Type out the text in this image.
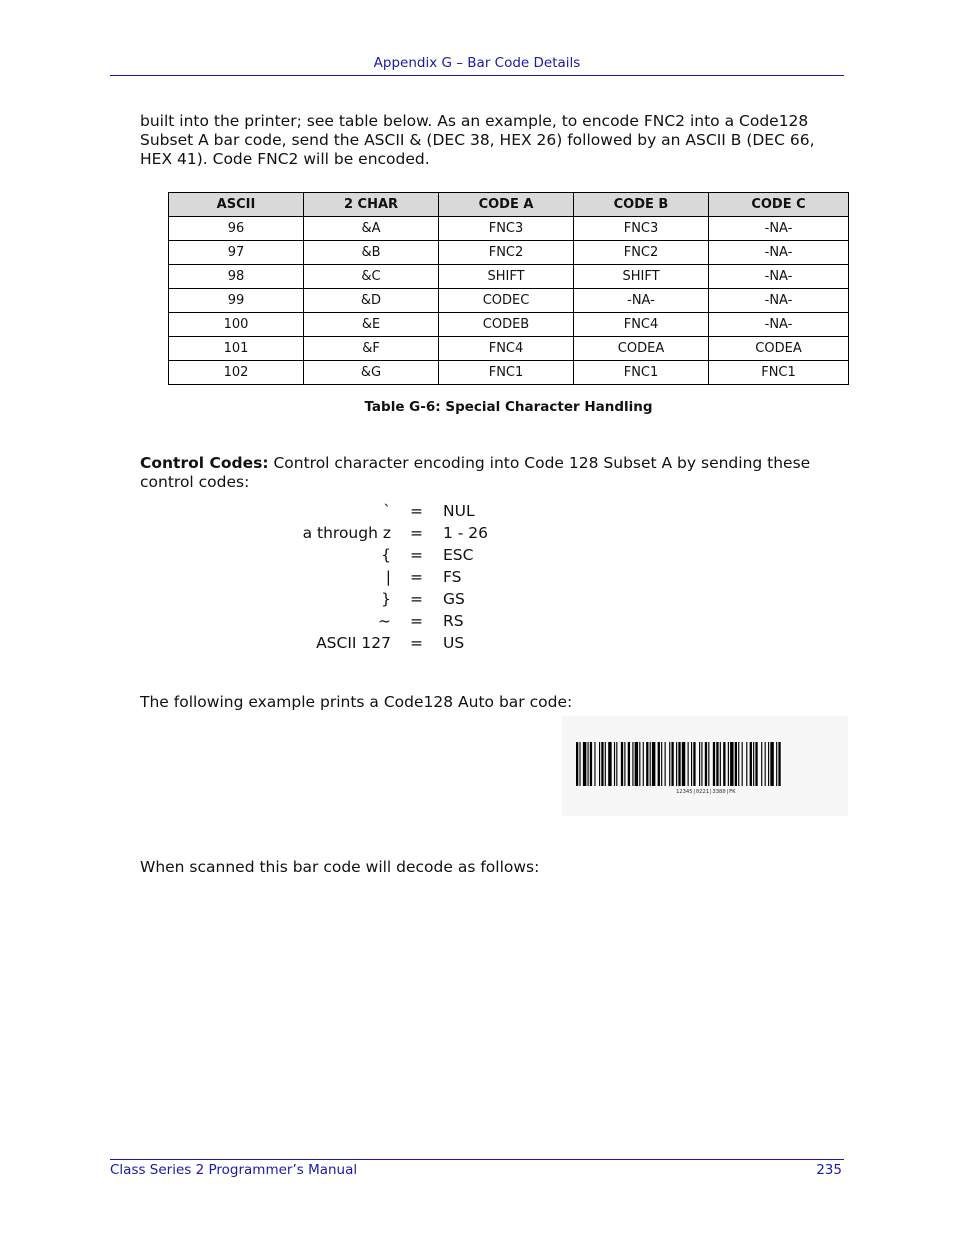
Appendix G – Bar Code Details

built into the printer; see table below. As an example, to encode FNC2 into a Code128 Subset A bar code, send the ASCII & (DEC 38, HEX 26) followed by an ASCII B (DEC 66, HEX 41). Code FNC2 will be encoded.

ASCII	2 CHAR	CODE A	CODE B	CODE C
96	&A	FNC3	FNC3	-NA-
97	&B	FNC2	FNC2	-NA-
98	&C	SHIFT	SHIFT	-NA-
99	&D	CODEC	-NA-	-NA-
100	&E	CODEB	FNC4	-NA-
101	&F	FNC4	CODEA	CODEA
102	&G	FNC1	FNC1	FNC1
Table G-6: Special Character Handling

Control Codes: Control character encoding into Code 128 Subset A by sending these control codes:

` = NUL
a through z = 1 - 26
{ = ESC
| = FS
} = GS
~ = RS
ASCII 127 = US

The following example prints a Code128 Auto bar code:

12345|0221|3380|FK

When scanned this bar code will decode as follows:

Class Series 2 Programmer’s Manual	235
